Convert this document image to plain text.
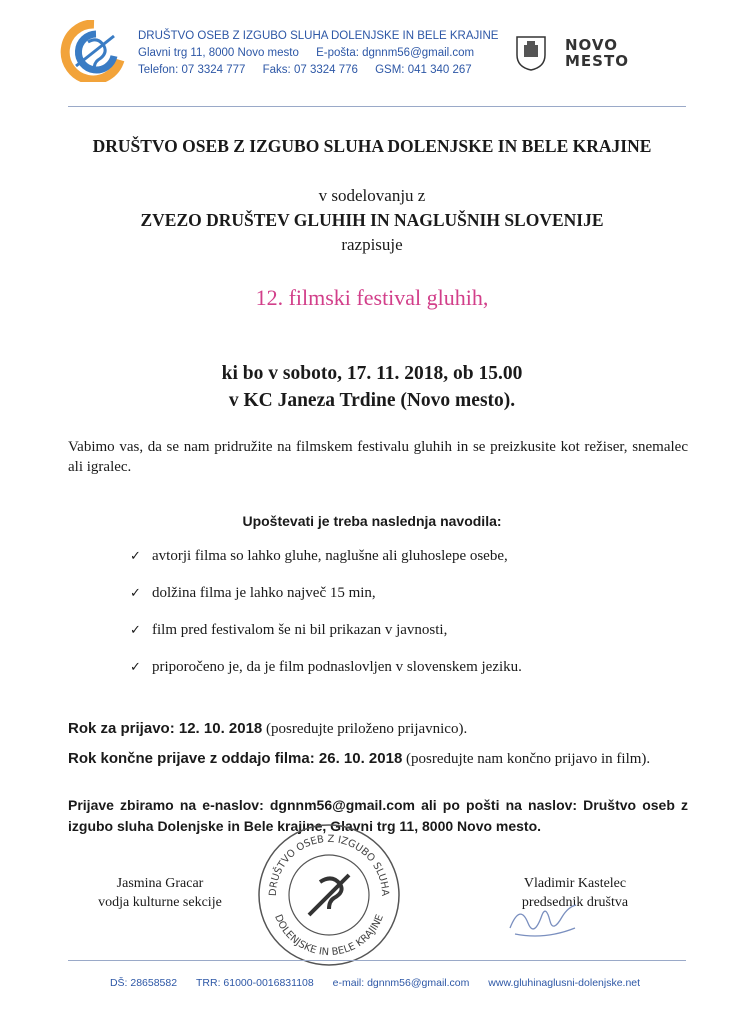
DRUŠTVO OSEB Z IZGUBO SLUHA DOLENJSKE IN BELE KRAJINE
Glavni trg 11, 8000 Novo mesto E-pošta: dgnnm56@gmail.com
Telefon: 07 3324 777 Faks: 07 3324 776 GSM: 041 340 267
NOVO
MESTO
DRUŠTVO OSEB Z IZGUBO SLUHA DOLENJSKE IN BELE KRAJINE
v sodelovanju z
ZVEZO DRUŠTEV GLUHIH IN NAGLUŠNIH SLOVENIJE
razpisuje
12. filmski festival gluhih,
ki bo v soboto, 17. 11. 2018, ob 15.00
v KC Janeza Trdine (Novo mesto).
Vabimo vas, da se nam pridružite na filmskem festivalu gluhih in se preizkusite kot režiser, snemalec ali igralec.
Upoštevati je treba naslednja navodila:
✓ avtorji filma so lahko gluhe, naglušne ali gluhoslepe osebe,
✓ dolžina filma je lahko največ 15 min,
✓ film pred festivalom še ni bil prikazan v javnosti,
✓ priporočeno je, da je film podnaslovljen v slovenskem jeziku.
Rok za prijavo: 12. 10. 2018 (posredujte priloženo prijavnico).
Rok končne prijave z oddajo filma: 26. 10. 2018 (posredujte nam končno prijavo in film).
Prijave zbiramo na e-naslov: dgnnm56@gmail.com ali po pošti na naslov: Društvo oseb z izgubo sluha Dolenjske in Bele krajine, Glavni trg 11, 8000 Novo mesto.
Jasmina Gracar
vodja kulturne sekcije
DRUŠTVO OSEB Z IZGUBO SLUHA
DOLENJSKE IN BELE KRAJINE
Vladimir Kastelec
predsednik društva
DŠ: 28658582 TRR: 61000-0016831108 e-mail: dgnnm56@gmail.com www.gluhinaglusni-dolenjske.net
